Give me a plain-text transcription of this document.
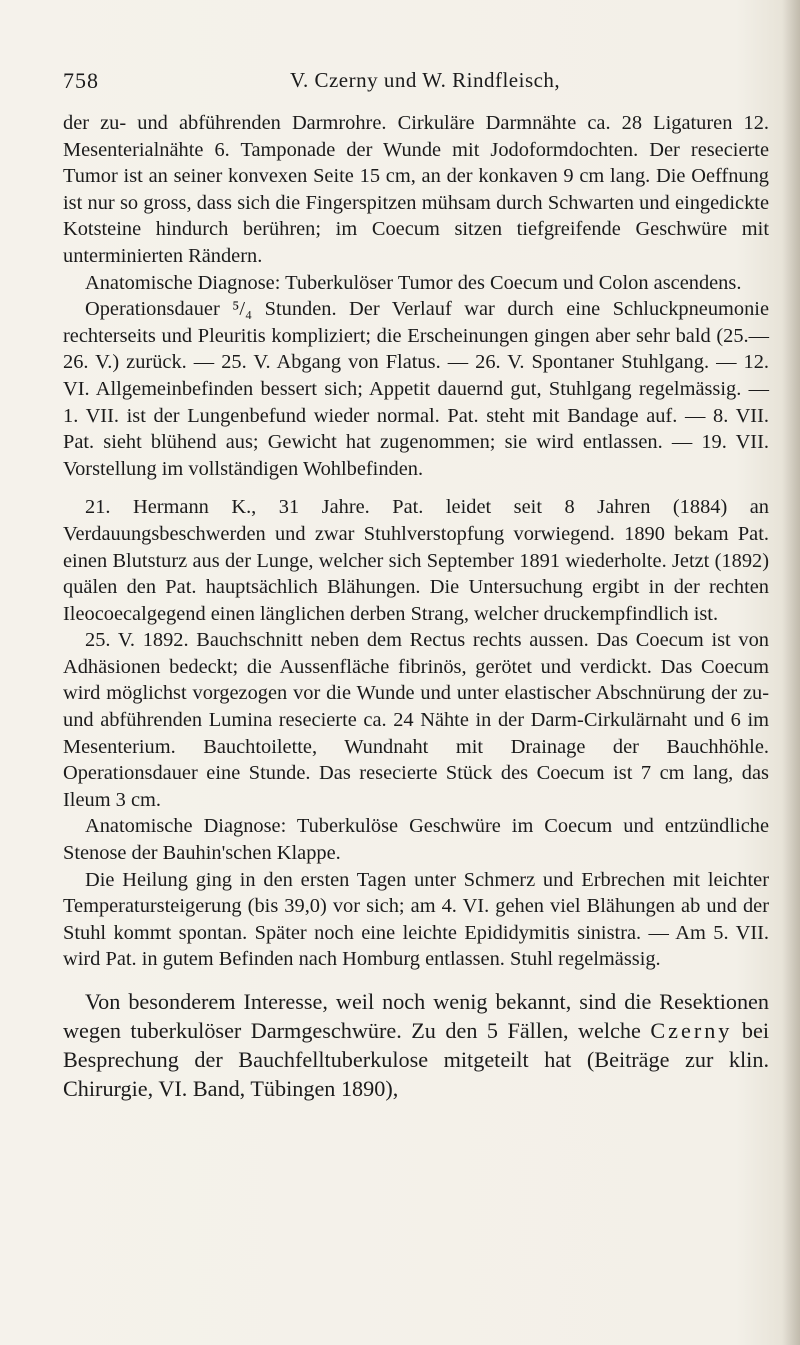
758	V. Czerny und W. Rindfleisch,

der zu- und abführenden Darmrohre. Cirkuläre Darmnähte ca. 28 Ligaturen 12. Mesenterialnähte 6. Tamponade der Wunde mit Jodoformdochten. Der resecierte Tumor ist an seiner konvexen Seite 15 cm, an der konkaven 9 cm lang. Die Oeffnung ist nur so gross, dass sich die Fingerspitzen mühsam durch Schwarten und eingedickte Kotsteine hindurch berühren; im Coecum sitzen tiefgreifende Geschwüre mit unterminierten Rändern.

Anatomische Diagnose: Tuberkulöser Tumor des Coecum und Colon ascendens.

Operationsdauer ⁵/₄ Stunden. Der Verlauf war durch eine Schluckpneumonie rechterseits und Pleuritis kompliziert; die Erscheinungen gingen aber sehr bald (25.—26. V.) zurück. — 25. V. Abgang von Flatus. — 26. V. Spontaner Stuhlgang. — 12. VI. Allgemeinbefinden bessert sich; Appetit dauernd gut, Stuhlgang regelmässig. — 1. VII. ist der Lungenbefund wieder normal. Pat. steht mit Bandage auf. — 8. VII. Pat. sieht blühend aus; Gewicht hat zugenommen; sie wird entlassen. — 19. VII. Vorstellung im vollständigen Wohlbefinden.

21. Hermann K., 31 Jahre. Pat. leidet seit 8 Jahren (1884) an Verdauungsbeschwerden und zwar Stuhlverstopfung vorwiegend. 1890 bekam Pat. einen Blutsturz aus der Lunge, welcher sich September 1891 wiederholte. Jetzt (1892) quälen den Pat. hauptsächlich Blähungen. Die Untersuchung ergibt in der rechten Ileocoecalgegend einen länglichen derben Strang, welcher druckempfindlich ist.

25. V. 1892. Bauchschnitt neben dem Rectus rechts aussen. Das Coecum ist von Adhäsionen bedeckt; die Aussenfläche fibrinös, gerötet und verdickt. Das Coecum wird möglichst vorgezogen vor die Wunde und unter elastischer Abschnürung der zu- und abführenden Lumina resecierte ca. 24 Nähte in der Darm-Cirkulärnaht und 6 im Mesenterium. Bauchtoilette, Wundnaht mit Drainage der Bauchhöhle. Operationsdauer eine Stunde. Das resecierte Stück des Coecum ist 7 cm lang, das Ileum 3 cm.

Anatomische Diagnose: Tuberkulöse Geschwüre im Coecum und entzündliche Stenose der Bauhin'schen Klappe.

Die Heilung ging in den ersten Tagen unter Schmerz und Erbrechen mit leichter Temperatursteigerung (bis 39,0) vor sich; am 4. VI. gehen viel Blähungen ab und der Stuhl kommt spontan. Später noch eine leichte Epididymitis sinistra. — Am 5. VII. wird Pat. in gutem Befinden nach Homburg entlassen. Stuhl regelmässig.

Von besonderem Interesse, weil noch wenig bekannt, sind die Resektionen wegen tuberkulöser Darmgeschwüre. Zu den 5 Fällen, welche Czerny bei Besprechung der Bauchfelltuberkulose mitgeteilt hat (Beiträge zur klin. Chirurgie, VI. Band, Tübingen 1890),
